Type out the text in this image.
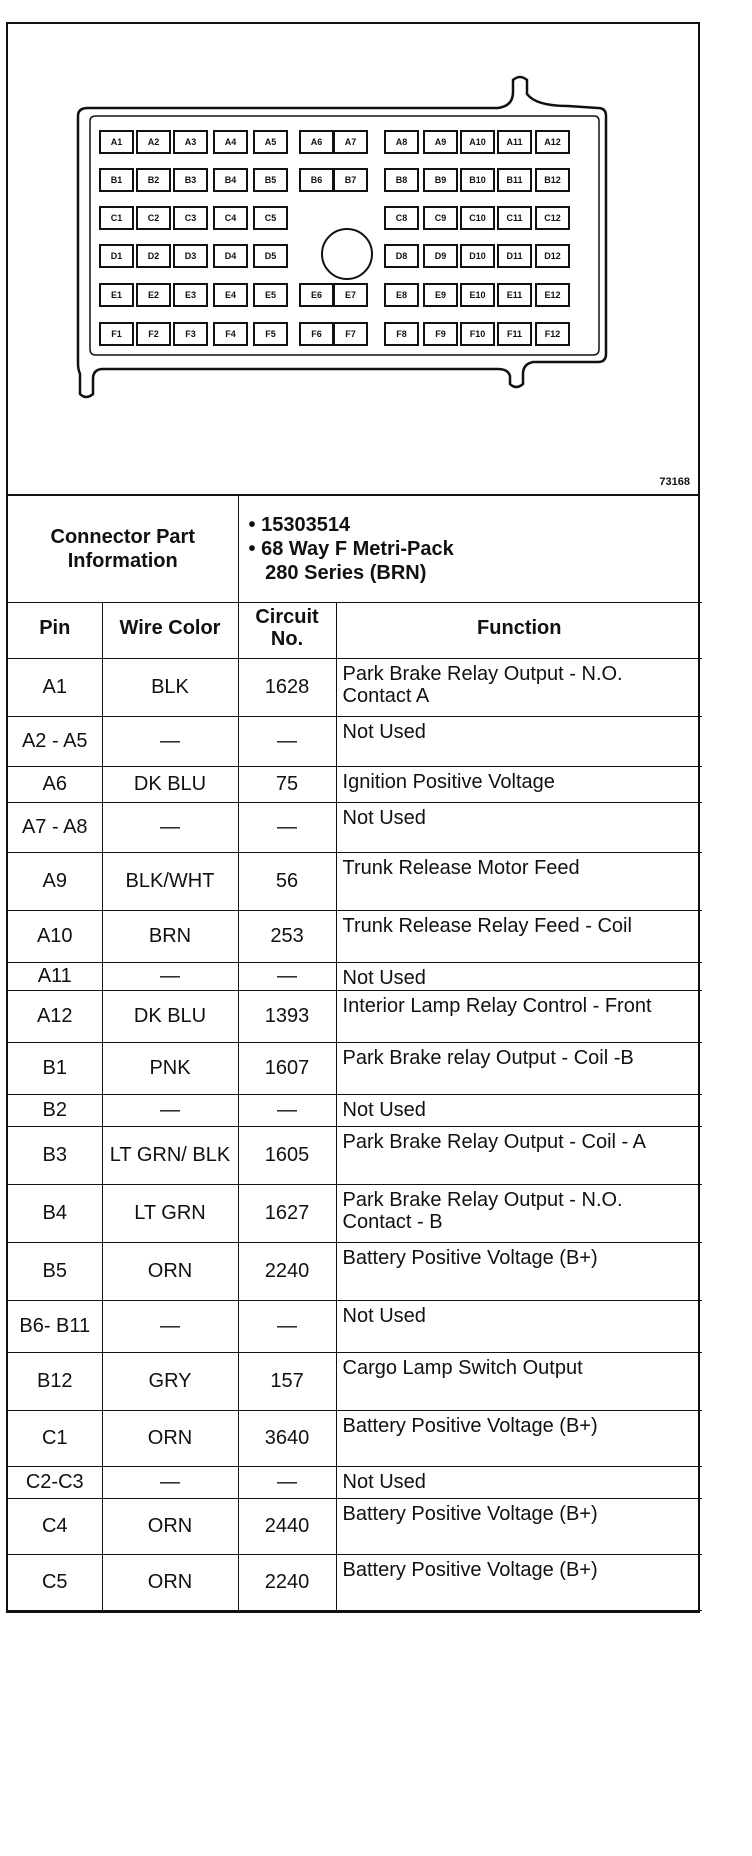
A1	A2	A3	A4	A5	A6 A7	A8	A9	A10 A11 A12
B1	B2	B3	B4	B5	B6 B7	B8	B9	B10 B11 B12
C1	C2	C3	C4	C5	C8	C9	C10 C11 C12
D1	D2	D3	D4	D5	D8	D9	D10 D11 D12
E1	E2	E3	E4	E5	E6	E7	E8	E9	E10 E11 E12
F1	F2	F3	F4	F5	F6	F7	F8	F9	F10 F11	F12
73168
Connector Part Information		• 15303514
• 68 Way F Metri-Pack
280 Series (BRN)	

Pin	Wire Color	Circuit No.	Function
A1	BLK	1628	Park Brake Relay Output - N.O. Contact A
A2 - A5	—	—	Not Used
A6	DK BLU	75	Ignition Positive Voltage
A7 - A8	—	—	Not Used
A9	BLK/WHT	56	Trunk Release Motor Feed
A10	BRN	253	Trunk Release Relay Feed - Coil
A11	—	—	Not Used
A12	DK BLU	1393	Interior Lamp Relay Control - Front
B1	PNK	1607	Park Brake relay Output - Coil -B
B2	—	—	Not Used
B3	LT GRN/ BLK	1605	Park Brake Relay Output - Coil - A
B4	LT GRN	1627	Park Brake Relay Output - N.O. Contact - B
B5	ORN	2240	Battery Positive Voltage (B+)
B6- B11	—	—	Not Used
B12	GRY	157	Cargo Lamp Switch Output
C1	ORN	3640	Battery Positive Voltage (B+)
C2-C3	—	—	Not Used
C4	ORN	2440	Battery Positive Voltage (B+)
C5	ORN	2240	Battery Positive Voltage (B+)
